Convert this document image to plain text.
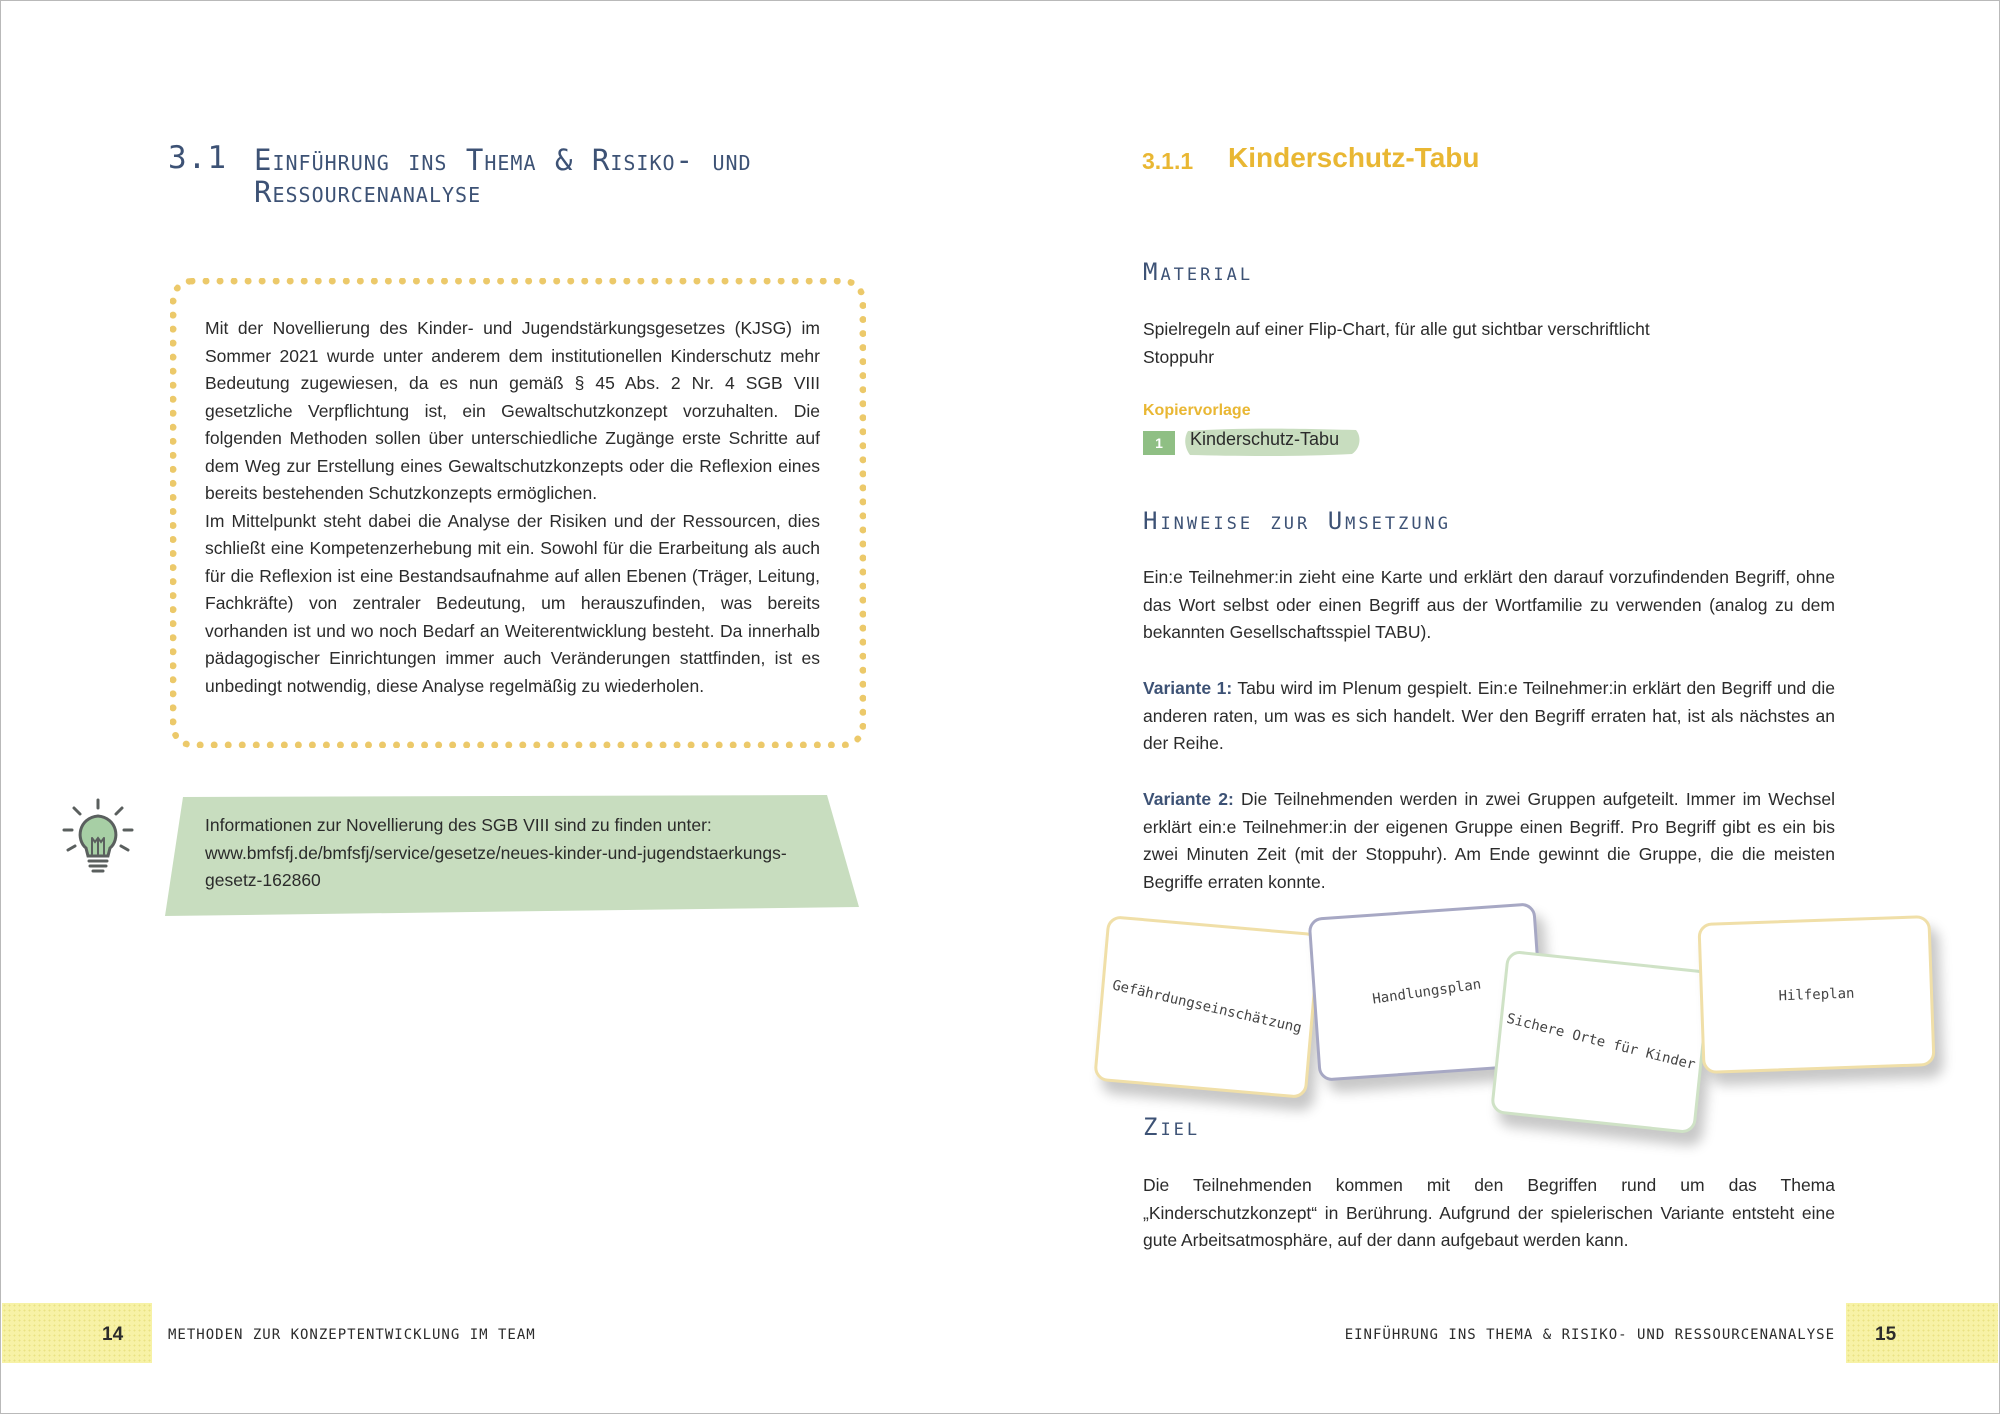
3.1 Einführung ins Thema & Risiko- und Ressourcenanalyse

Mit der Novellierung des Kinder- und Jugendstärkungsgesetzes (KJSG) im Sommer 2021 wurde unter anderem dem institutionellen Kinderschutz mehr Bedeutung zugewiesen, da es nun gemäß § 45 Abs. 2 Nr. 4 SGB VIII gesetzliche Verpflichtung ist, ein Gewaltschutzkonzept vorzuhalten. Die folgenden Methoden sollen über unterschiedliche Zugänge erste Schritte auf dem Weg zur Erstellung eines Gewaltschutzkonzepts oder die Reflexion eines bereits bestehenden Schutzkonzepts ermöglichen.

Im Mittelpunkt steht dabei die Analyse der Risiken und der Ressourcen, dies schließt eine Kompetenzerhebung mit ein. Sowohl für die Erarbeitung als auch für die Reflexion ist eine Bestandsaufnahme auf allen Ebenen (Träger, Leitung, Fachkräfte) von zentraler Bedeutung, um herauszufinden, was bereits vorhanden ist und wo noch Bedarf an Weiterentwicklung besteht. Da innerhalb pädagogischer Einrichtungen immer auch Veränderungen stattfinden, ist es unbedingt notwendig, diese Analyse regelmäßig zu wiederholen.

Informationen zur Novellierung des SGB VIII sind zu finden unter:
www.bmfsfj.de/bmfsfj/service/gesetze/neues-kinder-und-jugendstaerkungs-gesetz-162860
3.1.1 Kinderschutz-Tabu
Material
Spielregeln auf einer Flip-Chart, für alle gut sichtbar verschriftlicht
Stoppuhr
Kopiervorlage
1	Kinderschutz-Tabu
Hinweise zur Umsetzung
Ein:e Teilnehmer:in zieht eine Karte und erklärt den darauf vorzufindenden Begriff, ohne das Wort selbst oder einen Begriff aus der Wortfamilie zu verwenden (analog zu dem bekannten Gesellschaftsspiel TABU).
Variante 1: Tabu wird im Plenum gespielt. Ein:e Teilnehmer:in erklärt den Begriff und die anderen raten, um was es sich handelt. Wer den Begriff erraten hat, ist als nächstes an der Reihe.
Variante 2: Die Teilnehmenden werden in zwei Gruppen aufgeteilt. Immer im Wechsel erklärt ein:e Teilnehmer:in der eigenen Gruppe einen Begriff. Pro Begriff gibt es ein bis zwei Minuten Zeit (mit der Stoppuhr). Am Ende gewinnt die Gruppe, die die meisten Begriffe erraten konnte.
Gefährdungseinschätzung	Handlungsplan
Sichere Orte für Kinder
Hilfeplan
Ziel
Die Teilnehmenden kommen mit den Begriffen rund um das Thema „Kinderschutzkonzept“ in Berührung. Aufgrund der spielerischen Variante entsteht eine gute Arbeitsatmosphäre, auf der dann aufgebaut werden kann.
14	METHODEN ZUR KONZEPTENTWICKLUNG IM TEAM	EINFÜHRUNG INS THEMA & RISIKO- UND RESSOURCENANALYSE 15
